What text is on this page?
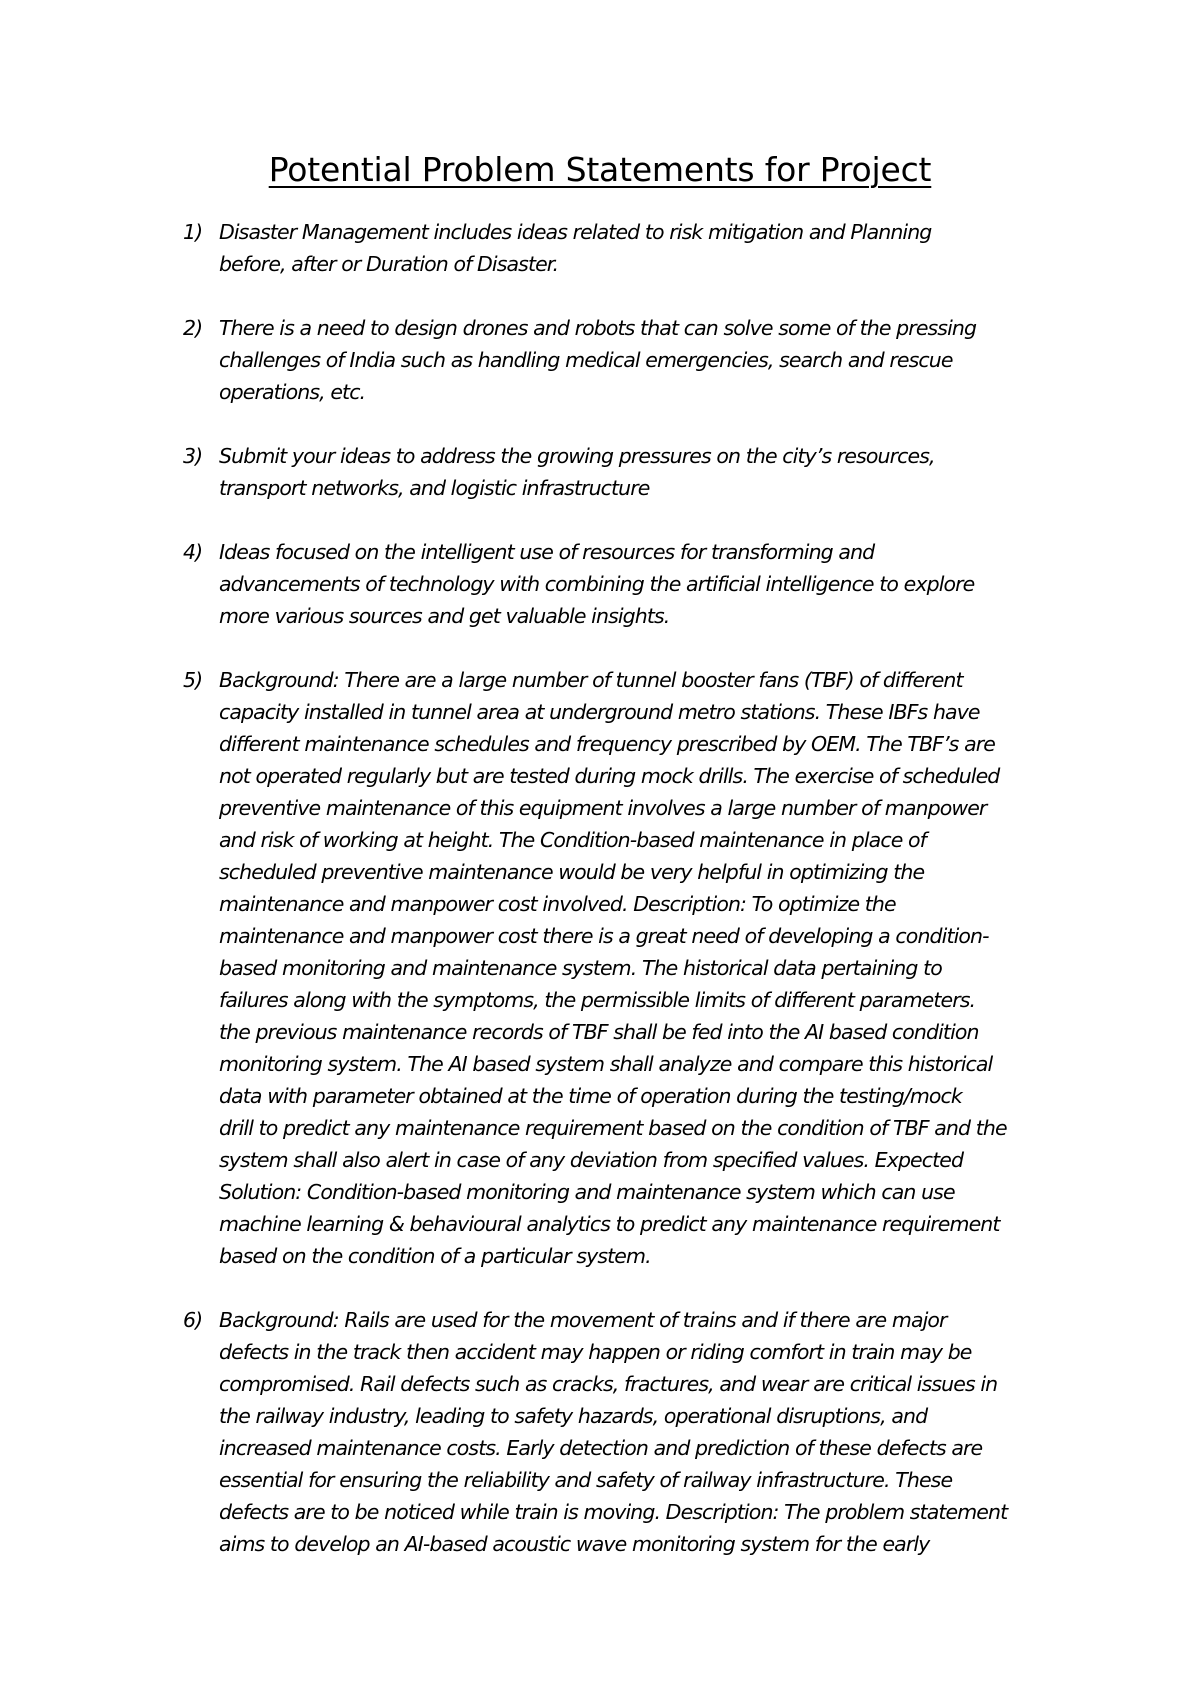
Potential Problem Statements for Project
1) Disaster Management includes ideas related to risk mitigation and Planning
before, after or Duration of Disaster.
2) There is a need to design drones and robots that can solve some of the pressing
challenges of India such as handling medical emergencies, search and rescue
operations, etc.
3) Submit your ideas to address the growing pressures on the city’s resources,
transport networks, and logistic infrastructure
4) Ideas focused on the intelligent use of resources for transforming and
advancements of technology with combining the artificial intelligence to explore
more various sources and get valuable insights.
5) Background: There are a large number of tunnel booster fans (TBF) of different
capacity installed in tunnel area at underground metro stations. These IBFs have
different maintenance schedules and frequency prescribed by OEM. The TBF’s are
not operated regularly but are tested during mock drills. The exercise of scheduled
preventive maintenance of this equipment involves a large number of manpower
and risk of working at height. The Condition-based maintenance in place of
scheduled preventive maintenance would be very helpful in optimizing the
maintenance and manpower cost involved. Description: To optimize the
maintenance and manpower cost there is a great need of developing a condition-
based monitoring and maintenance system. The historical data pertaining to
failures along with the symptoms, the permissible limits of different parameters.
the previous maintenance records of TBF shall be fed into the AI based condition
monitoring system. The AI based system shall analyze and compare this historical
data with parameter obtained at the time of operation during the testing/mock
drill to predict any maintenance requirement based on the condition of TBF and the
system shall also alert in case of any deviation from specified values. Expected
Solution: Condition-based monitoring and maintenance system which can use
machine learning & behavioural analytics to predict any maintenance requirement
based on the condition of a particular system.
6) Background: Rails are used for the movement of trains and if there are major
defects in the track then accident may happen or riding comfort in train may be
compromised. Rail defects such as cracks, fractures, and wear are critical issues in
the railway industry, leading to safety hazards, operational disruptions, and
increased maintenance costs. Early detection and prediction of these defects are
essential for ensuring the reliability and safety of railway infrastructure. These
defects are to be noticed while train is moving. Description: The problem statement
aims to develop an AI-based acoustic wave monitoring system for the early
